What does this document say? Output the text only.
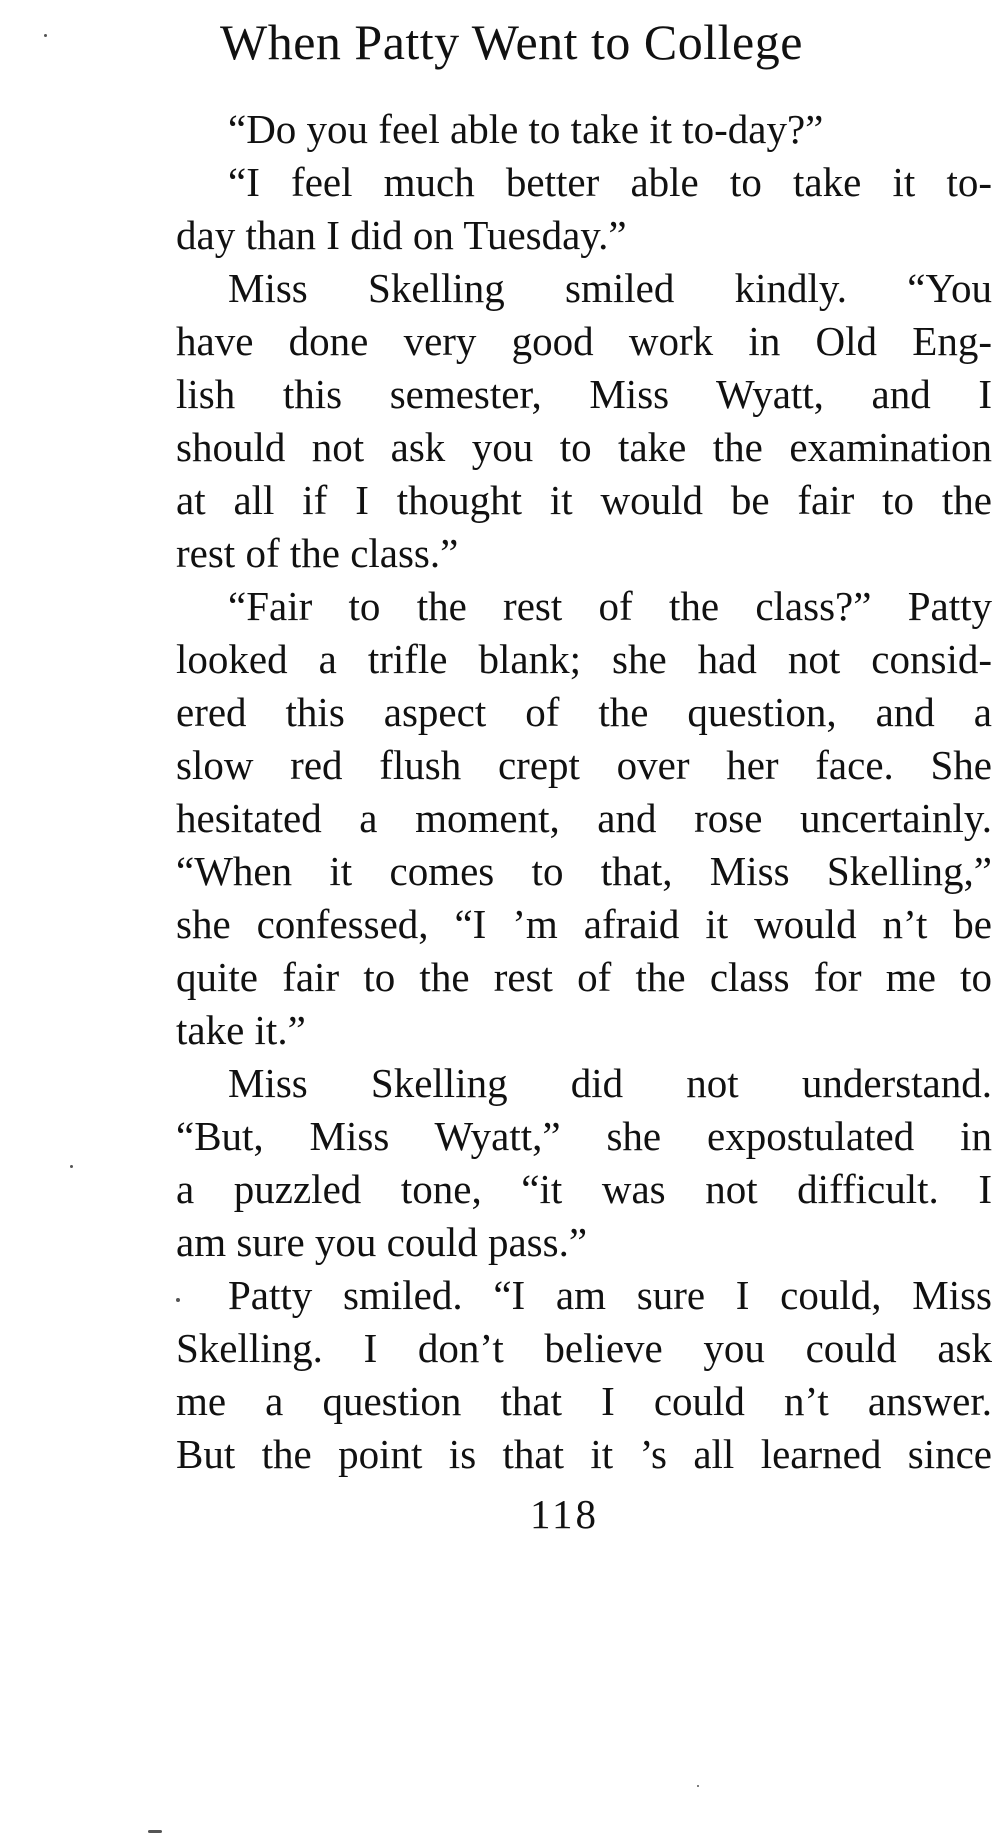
When Patty Went to College
“Do you feel able to take it to-day?”
“I feel much better able to take it to-
day than I did on Tuesday.”
Miss Skelling smiled kindly. “You
have done very good work in Old Eng-
lish this semester, Miss Wyatt, and I
should not ask you to take the examination
at all if I thought it would be fair to the
rest of the class.”
“Fair to the rest of the class?” Patty
looked a trifle blank; she had not consid-
ered this aspect of the question, and a
slow red flush crept over her face. She
hesitated a moment, and rose uncertainly.
“When it comes to that, Miss Skelling,”
she confessed, “I ’m afraid it would n’t be
quite fair to the rest of the class for me to
take it.”
Miss Skelling did not understand.
“But, Miss Wyatt,” she expostulated in
a puzzled tone, “it was not difficult. I
am sure you could pass.”
Patty smiled. “I am sure I could, Miss
Skelling. I don’t believe you could ask
me a question that I could n’t answer.
But the point is that it ’s all learned since
118
